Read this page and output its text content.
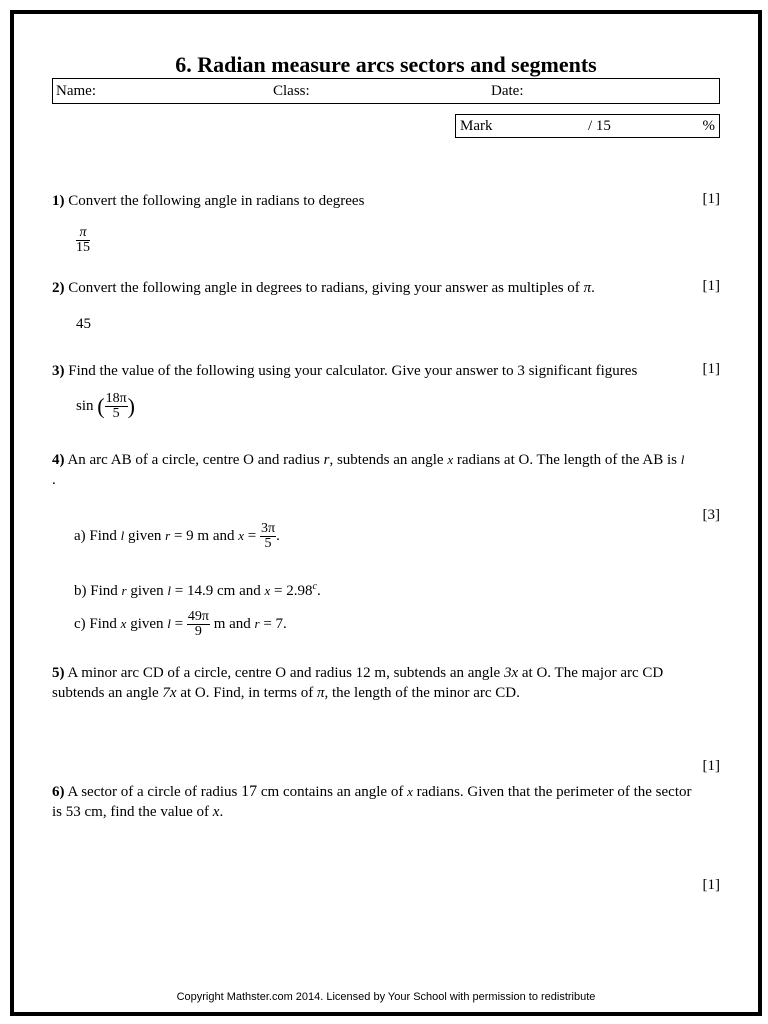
6. Radian measure arcs sectors and segments
Name:	Class:	Date:
Mark	/ 15	%
1) Convert the following angle in radians to degrees	[1]
$\frac{\pi}{15}$
2) Convert the following angle in degrees to radians, giving your answer as multiples of π.	[1]
45
3) Find the value of the following using your calculator. Give your answer to 3 significant figures	[1]
sin ( $\frac{18\pi}{5}$ )
4) An arc AB of a circle, centre O and radius r, subtends an angle x radians at O. The length of the AB is l
.
[3]
a) Find l given r = 9 m and $x = \frac{3\pi}{5}$ .
b) Find r given l = 14.9 cm and x = 2.98$^c$.
c) Find x given $l = \frac{49\pi}{9}$ m and r = 7.
5) A minor arc CD of a circle, centre O and radius 12 m, subtends an angle 3x at O. The major arc CD
subtends an angle 7x at O. Find, in terms of π, the length of the minor arc CD.
[1]
6) A sector of a circle of radius 17 cm contains an angle of x radians. Given that the perimeter of the sector
is 53 cm, find the value of x.
[1]
Copyright Mathster.com 2014. Licensed by Your School with permission to redistribute
